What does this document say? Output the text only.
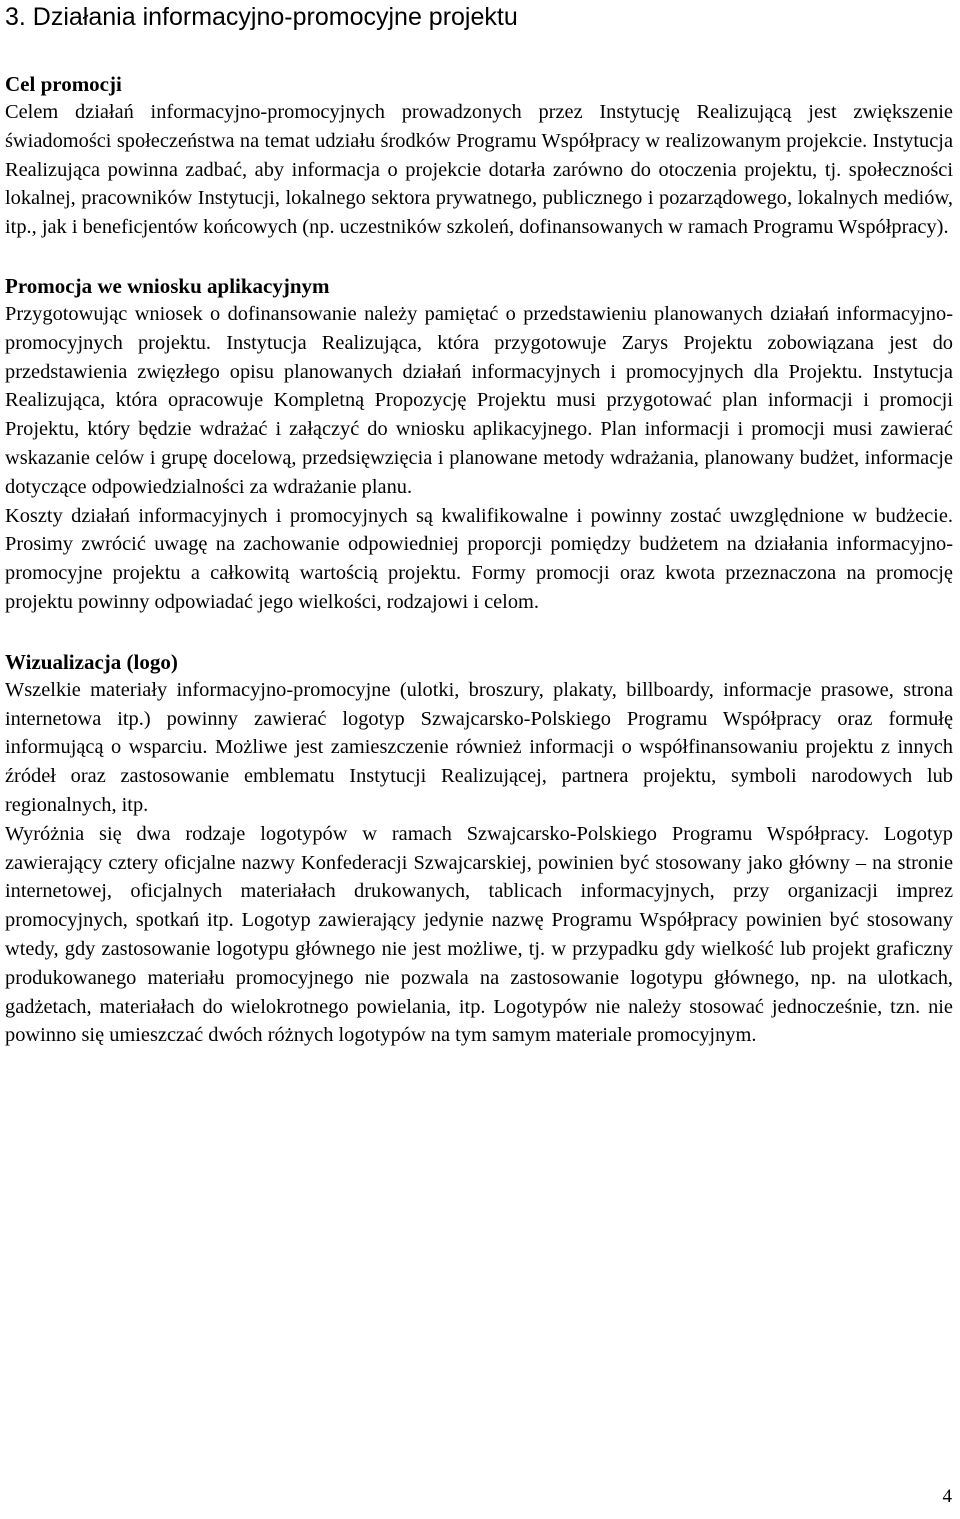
3. Działania informacyjno-promocyjne projektu
Cel promocji

Celem działań informacyjno-promocyjnych prowadzonych przez Instytucję Realizującą jest zwiększenie świadomości społeczeństwa na temat udziału środków Programu Współpracy w realizowanym projekcie. Instytucja Realizująca powinna zadbać, aby informacja o projekcie dotarła zarówno do otoczenia projektu, tj. społeczności lokalnej, pracowników Instytucji, lokalnego sektora prywatnego, publicznego i pozarządowego, lokalnych mediów, itp., jak i beneficjentów końcowych (np. uczestników szkoleń, dofinansowanych w ramach Programu Współpracy).

Promocja we wniosku aplikacyjnym

Przygotowując wniosek o dofinansowanie należy pamiętać o przedstawieniu planowanych działań informacyjno-promocyjnych projektu. Instytucja Realizująca, która przygotowuje Zarys Projektu zobowiązana jest do przedstawienia zwięzłego opisu planowanych działań informacyjnych i promocyjnych dla Projektu. Instytucja Realizująca, która opracowuje Kompletną Propozycję Projektu musi przygotować plan informacji i promocji Projektu, który będzie wdrażać i załączyć do wniosku aplikacyjnego. Plan informacji i promocji musi zawierać wskazanie celów i grupę docelową, przedsięwzięcia i planowane metody wdrażania, planowany budżet, informacje dotyczące odpowiedzialności za wdrażanie planu.

Koszty działań informacyjnych i promocyjnych są kwalifikowalne i powinny zostać uwzględnione w budżecie. Prosimy zwrócić uwagę na zachowanie odpowiedniej proporcji pomiędzy budżetem na działania informacyjno-promocyjne projektu a całkowitą wartością projektu. Formy promocji oraz kwota przeznaczona na promocję projektu powinny odpowiadać jego wielkości, rodzajowi i celom.

Wizualizacja (logo)

Wszelkie materiały informacyjno-promocyjne (ulotki, broszury, plakaty, billboardy, informacje prasowe, strona internetowa itp.) powinny zawierać logotyp Szwajcarsko-Polskiego Programu Współpracy oraz formułę informującą o wsparciu. Możliwe jest zamieszczenie również informacji o współfinansowaniu projektu z innych źródeł oraz zastosowanie emblematu Instytucji Realizującej, partnera projektu, symboli narodowych lub regionalnych, itp.

Wyróżnia się dwa rodzaje logotypów w ramach Szwajcarsko-Polskiego Programu Współpracy. Logotyp zawierający cztery oficjalne nazwy Konfederacji Szwajcarskiej, powinien być stosowany jako główny – na stronie internetowej, oficjalnych materiałach drukowanych, tablicach informacyjnych, przy organizacji imprez promocyjnych, spotkań itp. Logotyp zawierający jedynie nazwę Programu Współpracy powinien być stosowany wtedy, gdy zastosowanie logotypu głównego nie jest możliwe, tj. w przypadku gdy wielkość lub projekt graficzny produkowanego materiału promocyjnego nie pozwala na zastosowanie logotypu głównego, np. na ulotkach, gadżetach, materiałach do wielokrotnego powielania, itp. Logotypów nie należy stosować jednocześnie, tzn. nie powinno się umieszczać dwóch różnych logotypów na tym samym materiale promocyjnym.

4
